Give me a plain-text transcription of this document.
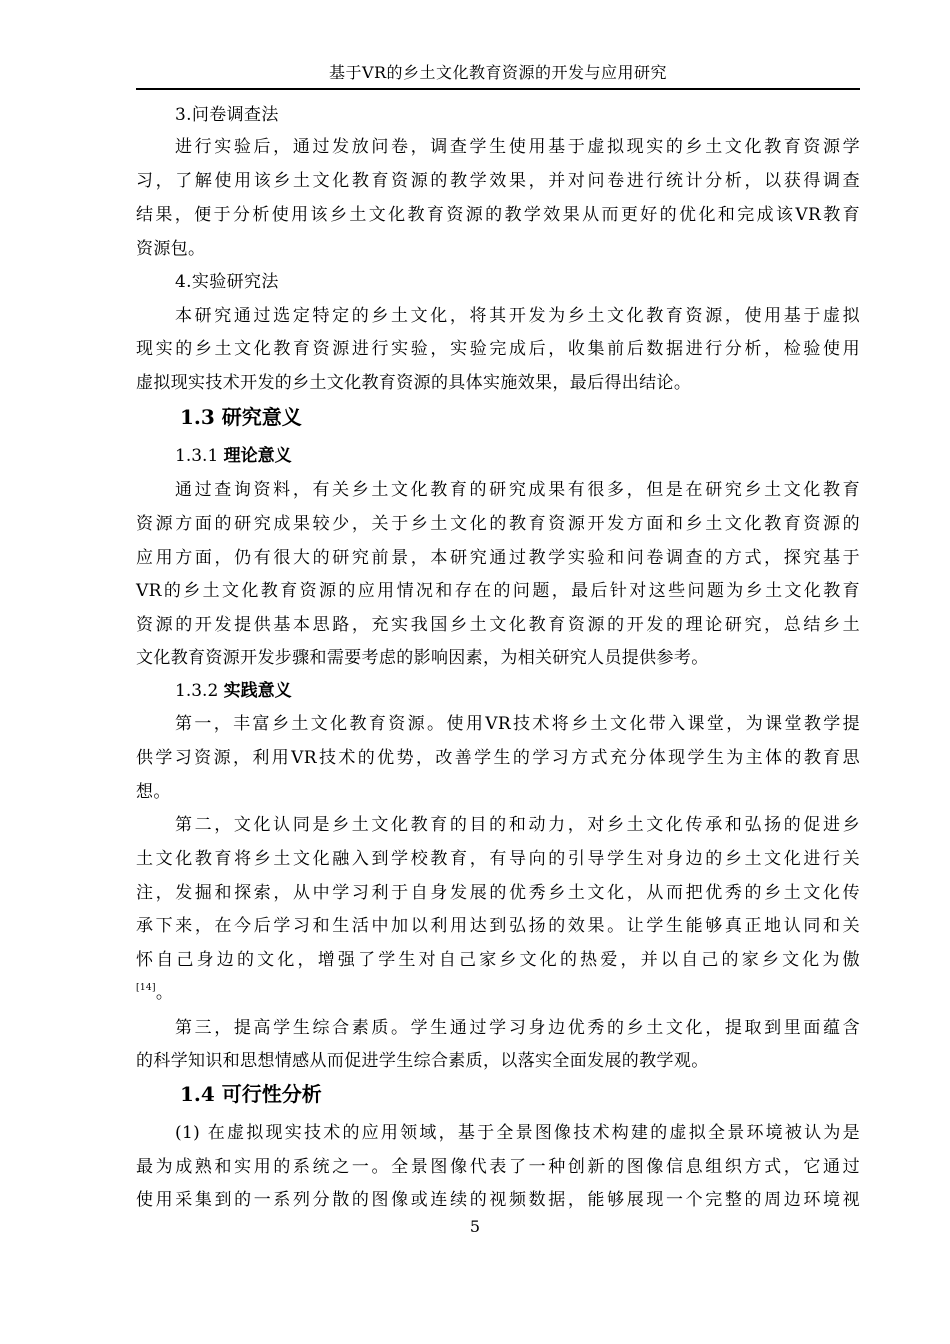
基于VR的乡土文化教育资源的开发与应用研究
3.问卷调查法
进行实验后，通过发放问卷，调查学生使用基于虚拟现实的乡土文化教育资源学
习，了解使用该乡土文化教育资源的教学效果，并对问卷进行统计分析，以获得调查
结果，便于分析使用该乡土文化教育资源的教学效果从而更好的优化和完成该VR教育
资源包。
4.实验研究法
本研究通过选定特定的乡土文化，将其开发为乡土文化教育资源，使用基于虚拟
现实的乡土文化教育资源进行实验，实验完成后，收集前后数据进行分析，检验使用
虚拟现实技术开发的乡土文化教育资源的具体实施效果，最后得出结论。
1.3 研究意义
1.3.1 理论意义
通过查询资料，有关乡土文化教育的研究成果有很多，但是在研究乡土文化教育
资源方面的研究成果较少，关于乡土文化的教育资源开发方面和乡土文化教育资源的
应用方面，仍有很大的研究前景，本研究通过教学实验和问卷调查的方式，探究基于
VR的乡土文化教育资源的应用情况和存在的问题，最后针对这些问题为乡土文化教育
资源的开发提供基本思路，充实我国乡土文化教育资源的开发的理论研究，总结乡土
文化教育资源开发步骤和需要考虑的影响因素，为相关研究人员提供参考。
1.3.2 实践意义
第一，丰富乡土文化教育资源。使用VR技术将乡土文化带入课堂，为课堂教学提
供学习资源，利用VR技术的优势，改善学生的学习方式充分体现学生为主体的教育思
想。
第二，文化认同是乡土文化教育的目的和动力，对乡土文化传承和弘扬的促进乡
土文化教育将乡土文化融入到学校教育，有导向的引导学生对身边的乡土文化进行关
注，发掘和探索，从中学习利于自身发展的优秀乡土文化，从而把优秀的乡土文化传
承下来，在今后学习和生活中加以利用达到弘扬的效果。让学生能够真正地认同和关
怀自己身边的文化，增强了学生对自己家乡文化的热爱，并以自己的家乡文化为傲
[14]。
第三，提高学生综合素质。学生通过学习身边优秀的乡土文化，提取到里面蕴含
的科学知识和思想情感从而促进学生综合素质，以落实全面发展的教学观。
1.4 可行性分析
(1) 在虚拟现实技术的应用领域，基于全景图像技术构建的虚拟全景环境被认为是
最为成熟和实用的系统之一。全景图像代表了一种创新的图像信息组织方式，它通过
使用采集到的一系列分散的图像或连续的视频数据，能够展现一个完整的周边环境视
5
